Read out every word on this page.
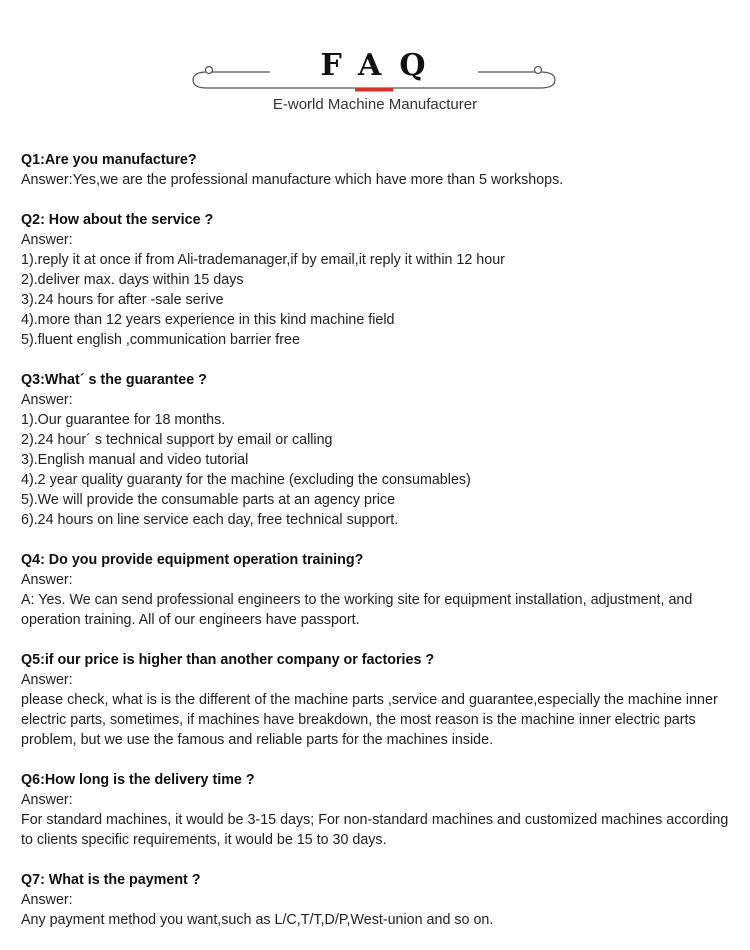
FAQ
E-world Machine Manufacturer
Q1:Are you manufacture?
Answer:Yes,we are the professional manufacture which have more than 5 workshops.
Q2: How about the service ?
Answer:
1).reply it at once if from Ali-trademanager,if by email,it reply it within 12 hour
2).deliver max. days within 15 days
3).24 hours for after -sale serive
4).more than 12 years experience in this kind machine field
5).fluent english ,communication barrier free
Q3:What´ s the guarantee ?
Answer:
1).Our guarantee for 18 months.
2).24 hour´ s technical support by email or calling
3).English manual and video tutorial
4).2 year quality guaranty for the machine (excluding the consumables)
5).We will provide the consumable parts at an agency price
6).24 hours on line service each day, free technical support.
Q4: Do you provide equipment operation training?
Answer:
A: Yes. We can send professional engineers to the working site for equipment installation, adjustment, and
operation training. All of our engineers have passport.
Q5:if our price is higher than another company or factories ?
Answer:
please check, what is is the different of the machine parts ,service and guarantee,especially the machine inner
electric parts, sometimes, if machines have breakdown, the most reason is the machine inner electric parts
problem, but we use the famous and reliable parts for the machines inside.
Q6:How long is the delivery time ?
Answer:
For standard machines, it would be 3-15 days; For non-standard machines and customized machines according
to clients specific requirements, it would be 15 to 30 days.
Q7: What is the payment ?
Answer:
Any payment method you want,such as L/C,T/T,D/P,West-union and so on.
